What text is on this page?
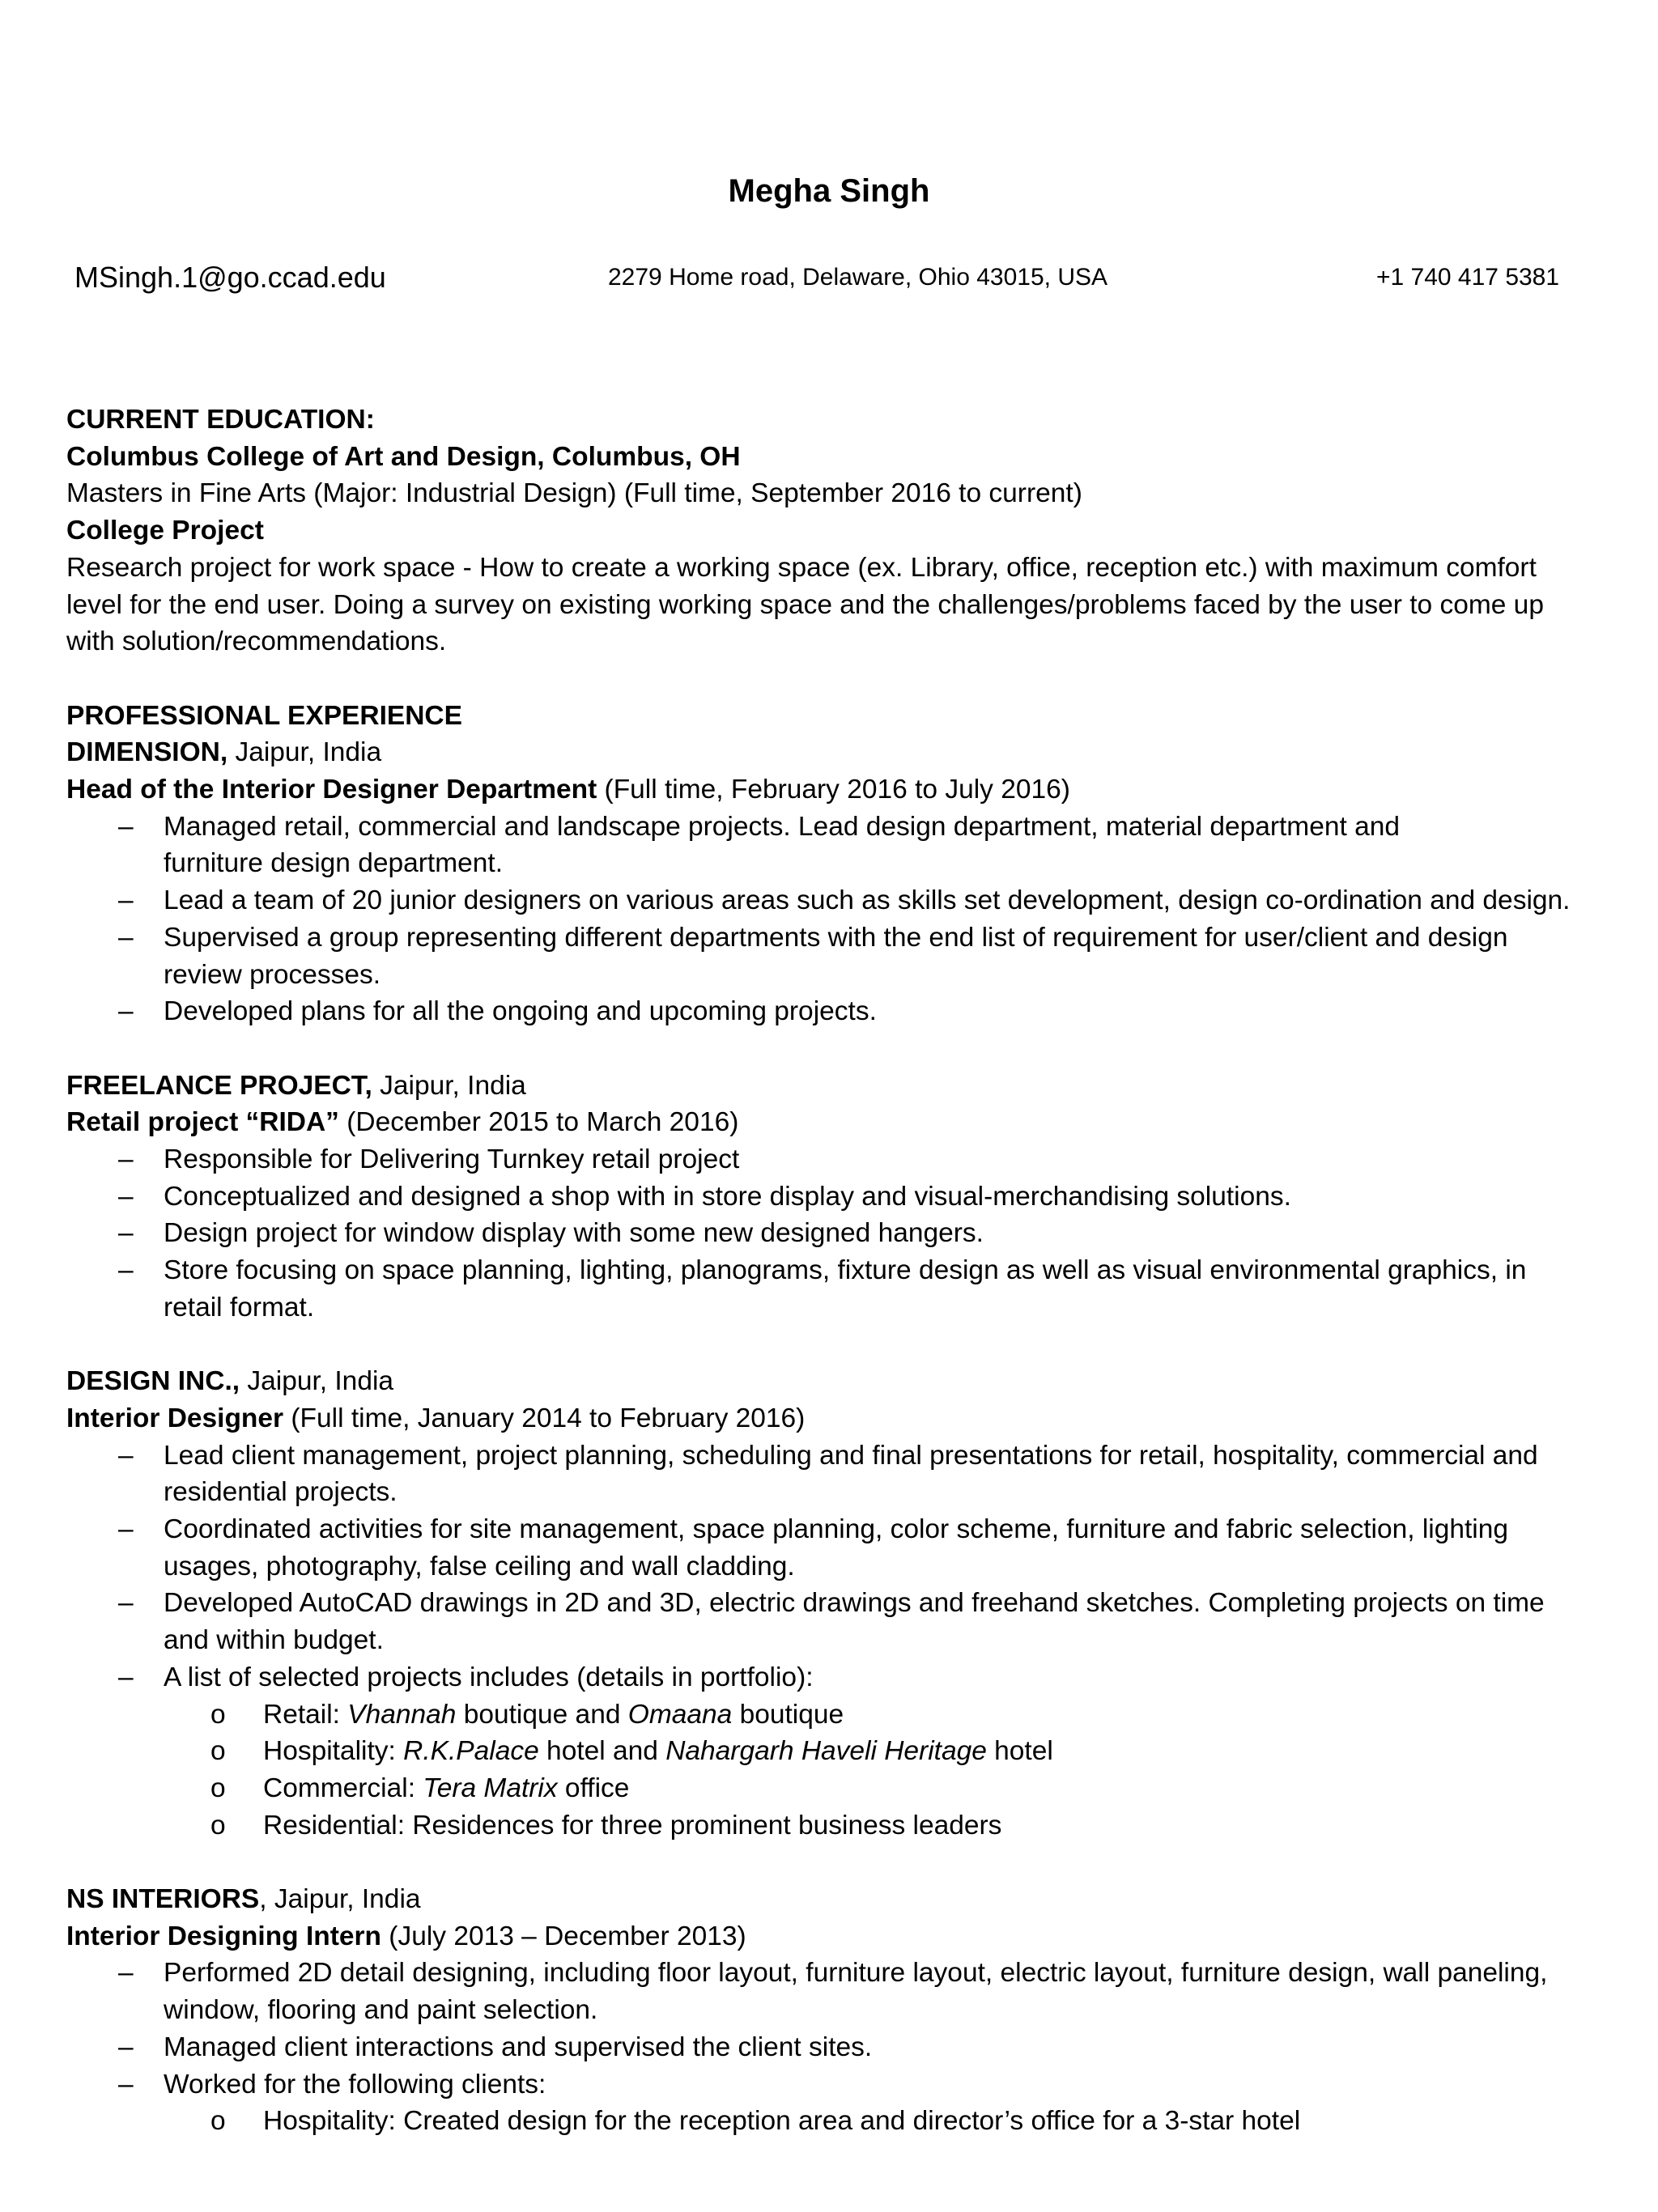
Megha Singh
MSingh.1@go.ccad.edu	2279 Home road, Delaware, Ohio 43015, USA	+1 740 417 5381
CURRENT EDUCATION:
Columbus College of Art and Design, Columbus, OH
Masters in Fine Arts (Major: Industrial Design) (Full time, September 2016 to current)
College Project
Research project for work space - How to create a working space (ex. Library, office, reception etc.) with maximum comfort
level for the end user. Doing a survey on existing working space and the challenges/problems faced by the user to come up
with solution/recommendations.
PROFESSIONAL EXPERIENCE
DIMENSION, Jaipur, India
Head of the Interior Designer Department (Full time, February 2016 to July 2016)
– Managed retail, commercial and landscape projects. Lead design department, material department and
furniture design department.
– Lead a team of 20 junior designers on various areas such as skills set development, design co-ordination and design.
– Supervised a group representing different departments with the end list of requirement for user/client and design
review processes.
– Developed plans for all the ongoing and upcoming projects.
FREELANCE PROJECT, Jaipur, India
Retail project “RIDA” (December 2015 to March 2016)
– Responsible for Delivering Turnkey retail project
– Conceptualized and designed a shop with in store display and visual-merchandising solutions.
– Design project for window display with some new designed hangers.
– Store focusing on space planning, lighting, planograms, fixture design as well as visual environmental graphics, in
retail format.
DESIGN INC., Jaipur, India
Interior Designer (Full time, January 2014 to February 2016)
– Lead client management, project planning, scheduling and final presentations for retail, hospitality, commercial and
residential projects.
– Coordinated activities for site management, space planning, color scheme, furniture and fabric selection, lighting
usages, photography, false ceiling and wall cladding.
– Developed AutoCAD drawings in 2D and 3D, electric drawings and freehand sketches. Completing projects on time
and within budget.
– A list of selected projects includes (details in portfolio):
o Retail: Vhannah boutique and Omaana boutique
o Hospitality: R.K.Palace hotel and Nahargarh Haveli Heritage hotel
o Commercial: Tera Matrix office
o Residential: Residences for three prominent business leaders
NS INTERIORS, Jaipur, India
Interior Designing Intern (July 2013 – December 2013)
– Performed 2D detail designing, including floor layout, furniture layout, electric layout, furniture design, wall paneling,
window, flooring and paint selection.
– Managed client interactions and supervised the client sites.
– Worked for the following clients:
o Hospitality: Created design for the reception area and director’s office for a 3-star hotel
